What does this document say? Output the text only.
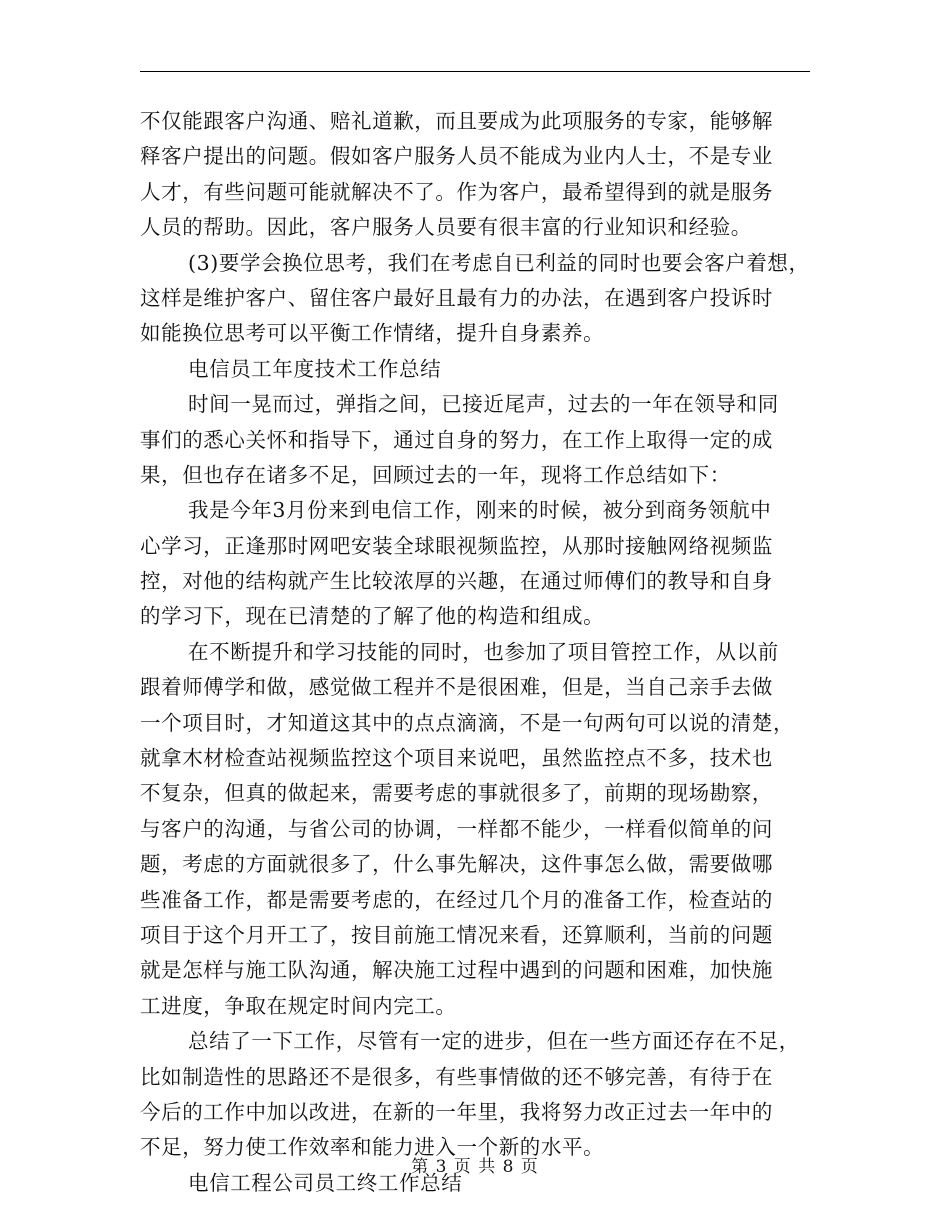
不仅能跟客户沟通、赔礼道歉，而且要成为此项服务的专家，能够解
释客户提出的问题。假如客户服务人员不能成为业内人士，不是专业
人才，有些问题可能就解决不了。作为客户，最希望得到的就是服务
人员的帮助。因此，客户服务人员要有很丰富的行业知识和经验。
(3)要学会换位思考，我们在考虑自已利益的同时也要会客户着想，
这样是维护客户、留住客户最好且最有力的办法，在遇到客户投诉时
如能换位思考可以平衡工作情绪，提升自身素养。
电信员工年度技术工作总结
时间一晃而过，弹指之间，已接近尾声，过去的一年在领导和同
事们的悉心关怀和指导下，通过自身的努力，在工作上取得一定的成
果，但也存在诸多不足，回顾过去的一年，现将工作总结如下：
我是今年3月份来到电信工作，刚来的时候，被分到商务领航中
心学习，正逢那时网吧安装全球眼视频监控，从那时接触网络视频监
控，对他的结构就产生比较浓厚的兴趣，在通过师傅们的教导和自身
的学习下，现在已清楚的了解了他的构造和组成。
在不断提升和学习技能的同时，也参加了项目管控工作，从以前
跟着师傅学和做，感觉做工程并不是很困难，但是，当自己亲手去做
一个项目时，才知道这其中的点点滴滴，不是一句两句可以说的清楚，
就拿木材检查站视频监控这个项目来说吧，虽然监控点不多，技术也
不复杂，但真的做起来，需要考虑的事就很多了，前期的现场勘察，
与客户的沟通，与省公司的协调，一样都不能少，一样看似简单的问
题，考虑的方面就很多了，什么事先解决，这件事怎么做，需要做哪
些准备工作，都是需要考虑的，在经过几个月的准备工作，检查站的
项目于这个月开工了，按目前施工情况来看，还算顺利，当前的问题
就是怎样与施工队沟通，解决施工过程中遇到的问题和困难，加快施
工进度，争取在规定时间内完工。
总结了一下工作，尽管有一定的进步，但在一些方面还存在不足，
比如制造性的思路还不是很多，有些事情做的还不够完善，有待于在
今后的工作中加以改进，在新的一年里，我将努力改正过去一年中的
不足，努力使工作效率和能力进入一个新的水平。
电信工程公司员工终工作总结
第 3 页 共 8 页
